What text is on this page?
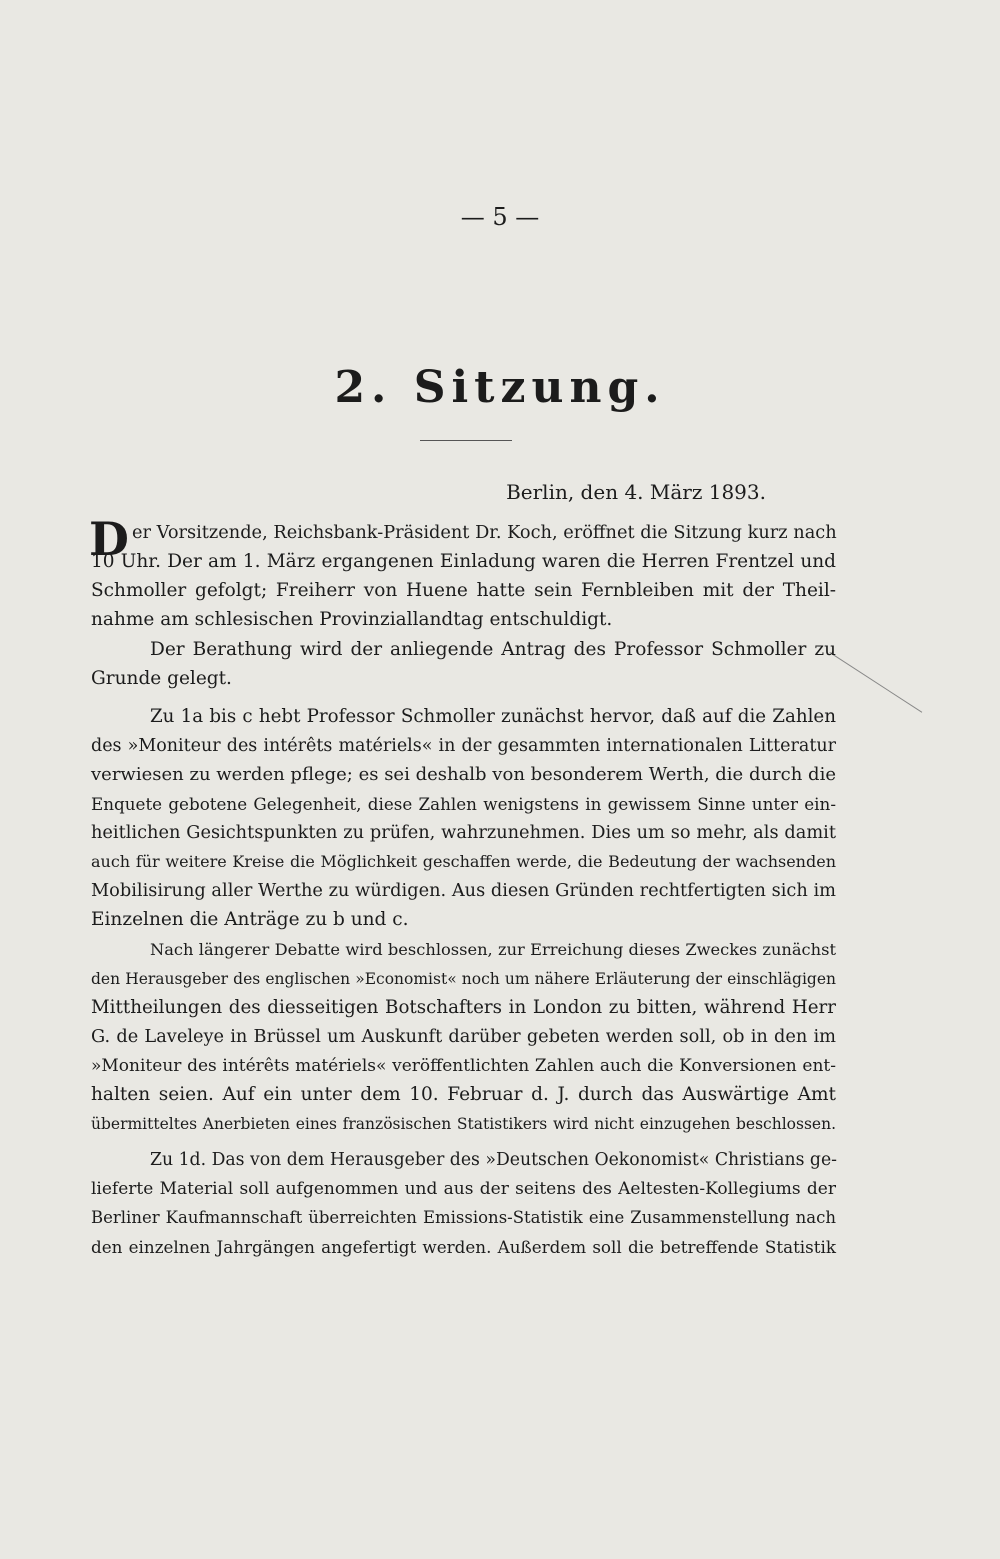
— 5 —
2. Sitzung.
Berlin, den 4. März 1893.
D er Vorsitzende, Reichsbank-Präsident Dr. Koch, eröffnet die Sitzung kurz nach
10 Uhr. Der am 1. März ergangenen Einladung waren die Herren Frentzel und
Schmoller gefolgt; Freiherr von Huene hatte sein Fernbleiben mit der Theil-
nahme am schlesischen Provinziallandtag entschuldigt.
Der Berathung wird der anliegende Antrag des Professor Schmoller zu
Grunde gelegt.
Zu 1a bis c hebt Professor Schmoller zunächst hervor, daß auf die Zahlen
des »Moniteur des intérêts matériels« in der gesammten internationalen Litteratur
verwiesen zu werden pflege; es sei deshalb von besonderem Werth, die durch die
Enquete gebotene Gelegenheit, diese Zahlen wenigstens in gewissem Sinne unter ein-
heitlichen Gesichtspunkten zu prüfen, wahrzunehmen. Dies um so mehr, als damit
auch für weitere Kreise die Möglichkeit geschaffen werde, die Bedeutung der wachsenden
Mobilisirung aller Werthe zu würdigen. Aus diesen Gründen rechtfertigten sich im
Einzelnen die Anträge zu b und c.
Nach längerer Debatte wird beschlossen, zur Erreichung dieses Zweckes zunächst
den Herausgeber des englischen »Economist« noch um nähere Erläuterung der einschlägigen
Mittheilungen des diesseitigen Botschafters in London zu bitten, während Herr
G. de Laveleye in Brüssel um Auskunft darüber gebeten werden soll, ob in den im
»Moniteur des intérêts matériels« veröffentlichten Zahlen auch die Konversionen ent-
halten seien. Auf ein unter dem 10. Februar d. J. durch das Auswärtige Amt
übermitteltes Anerbieten eines französischen Statistikers wird nicht einzugehen beschlossen.
Zu 1d. Das von dem Herausgeber des »Deutschen Oekonomist« Christians ge-
lieferte Material soll aufgenommen und aus der seitens des Aeltesten-Kollegiums der
Berliner Kaufmannschaft überreichten Emissions-Statistik eine Zusammenstellung nach
den einzelnen Jahrgängen angefertigt werden. Außerdem soll die betreffende Statistik
